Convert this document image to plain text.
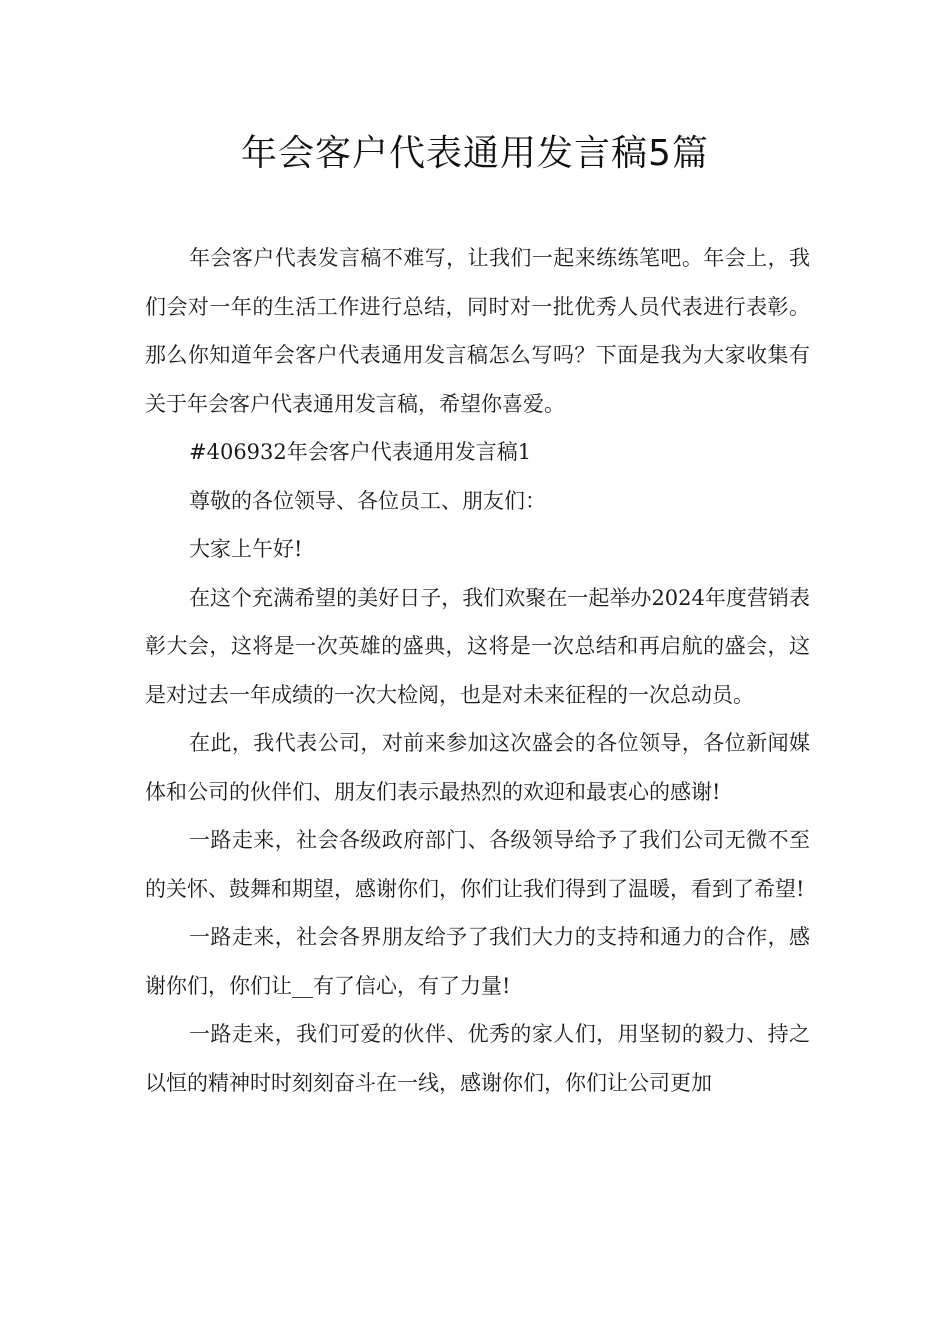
年会客户代表通用发言稿5篇

年会客户代表发言稿不难写，让我们一起来练练笔吧。年会上，我们会对一年的生活工作进行总结，同时对一批优秀人员代表进行表彰。那么你知道年会客户代表通用发言稿怎么写吗？下面是我为大家收集有关于年会客户代表通用发言稿，希望你喜爱。

#406932年会客户代表通用发言稿1

尊敬的各位领导、各位员工、朋友们：

大家上午好!

在这个充满希望的美好日子，我们欢聚在一起举办2024年度营销表彰大会，这将是一次英雄的盛典，这将是一次总结和再启航的盛会，这是对过去一年成绩的一次大检阅，也是对未来征程的一次总动员。

在此，我代表公司，对前来参加这次盛会的各位领导，各位新闻媒体和公司的伙伴们、朋友们表示最热烈的欢迎和最衷心的感谢!

一路走来，社会各级政府部门、各级领导给予了我们公司无微不至的关怀、鼓舞和期望，感谢你们，你们让我们得到了温暖，看到了希望!

一路走来，社会各界朋友给予了我们大力的支持和通力的合作，感谢你们，你们让__有了信心，有了力量!

一路走来，我们可爱的伙伴、优秀的家人们，用坚韧的毅力、持之以恒的精神时时刻刻奋斗在一线，感谢你们，你们让公司更加
